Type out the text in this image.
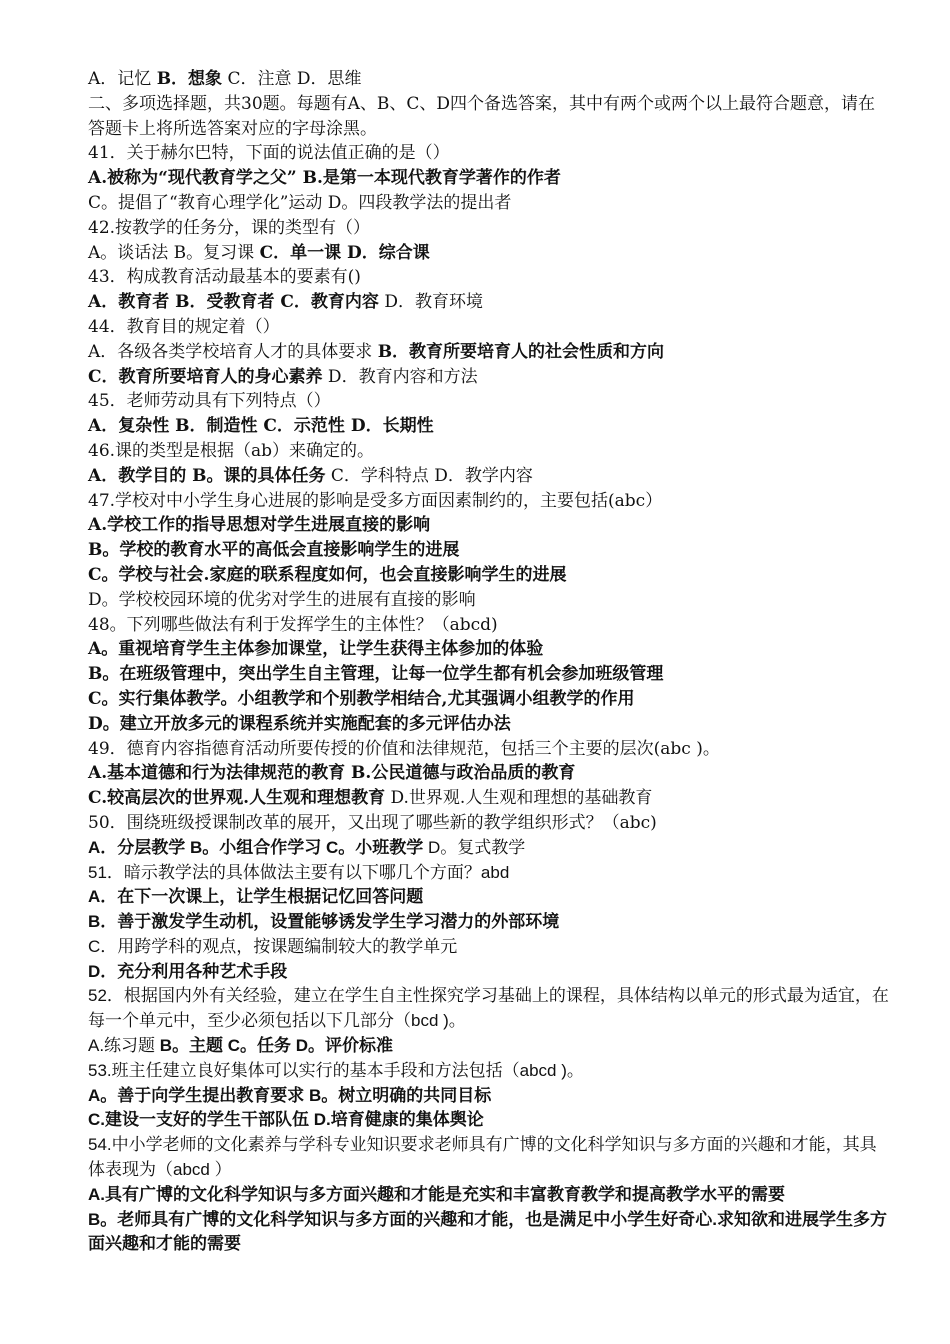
A．记忆 B．想象 C．注意 D．思维
二、多项选择题，共30题。每题有A、B、C、D四个备选答案，其中有两个或两个以上最符合题意，请在答题卡上将所选答案对应的字母涂黑。
41．关于赫尔巴特，下面的说法值正确的是（）
A.被称为“现代教育学之父” B.是第一本现代教育学著作的作者
C。提倡了“教育心理学化”运动 D。四段教学法的提出者
42.按教学的任务分，课的类型有（）
A。谈话法 B。复习课 C．单一课 D．综合课
43．构成教育活动最基本的要素有()
A．教育者 B．受教育者 C．教育内容 D．教育环境
44．教育目的规定着（）
A．各级各类学校培育人才的具体要求 B．教育所要培育人的社会性质和方向
C．教育所要培育人的身心素养 D．教育内容和方法
45．老师劳动具有下列特点（）
A．复杂性 B．制造性 C．示范性 D．长期性
46.课的类型是根据（ab）来确定的。
A．教学目的 B。课的具体任务 C．学科特点 D．教学内容
47.学校对中小学生身心进展的影响是受多方面因素制约的，主要包括(abc）
A.学校工作的指导思想对学生进展直接的影响
B。学校的教育水平的高低会直接影响学生的进展
C。学校与社会.家庭的联系程度如何，也会直接影响学生的进展
D。学校校园环境的优劣对学生的进展有直接的影响
48。下列哪些做法有利于发挥学生的主体性？（abcd)
A。重视培育学生主体参加课堂，让学生获得主体参加的体验
B。在班级管理中，突出学生自主管理，让每一位学生都有机会参加班级管理
C。实行集体教学。小组教学和个别教学相结合,尤其强调小组教学的作用
D。建立开放多元的课程系统并实施配套的多元评估办法
49．德育内容指德育活动所要传授的价值和法律规范，包括三个主要的层次(abc )。
A.基本道德和行为法律规范的教育 B.公民道德与政治品质的教育
C.较高层次的世界观.人生观和理想教育 D.世界观.人生观和理想的基础教育
50．围绕班级授课制改革的展开，又出现了哪些新的教学组织形式？（abc)
A．分层教学 B。小组合作学习 C。小班教学 D。复式教学
51．暗示教学法的具体做法主要有以下哪几个方面？abd
A．在下一次课上，让学生根据记忆回答问题
B．善于激发学生动机，设置能够诱发学生学习潜力的外部环境
C．用跨学科的观点，按课题编制较大的教学单元
D．充分利用各种艺术手段
52．根据国内外有关经验，建立在学生自主性探究学习基础上的课程，具体结构以单元的形式最为适宜，在每一个单元中，至少必须包括以下几部分（bcd )。
A.练习题 B。主题 C。任务 D。评价标准
53.班主任建立良好集体可以实行的基本手段和方法包括（abcd )。
A。善于向学生提出教育要求 B。树立明确的共同目标
C.建设一支好的学生干部队伍 D.培育健康的集体舆论
54.中小学老师的文化素养与学科专业知识要求老师具有广博的文化科学知识与多方面的兴趣和才能，其具体表现为（abcd ）
A.具有广博的文化科学知识与多方面兴趣和才能是充实和丰富教育教学和提高教学水平的需要
B。老师具有广博的文化科学知识与多方面的兴趣和才能，也是满足中小学生好奇心.求知欲和进展学生多方面兴趣和才能的需要
